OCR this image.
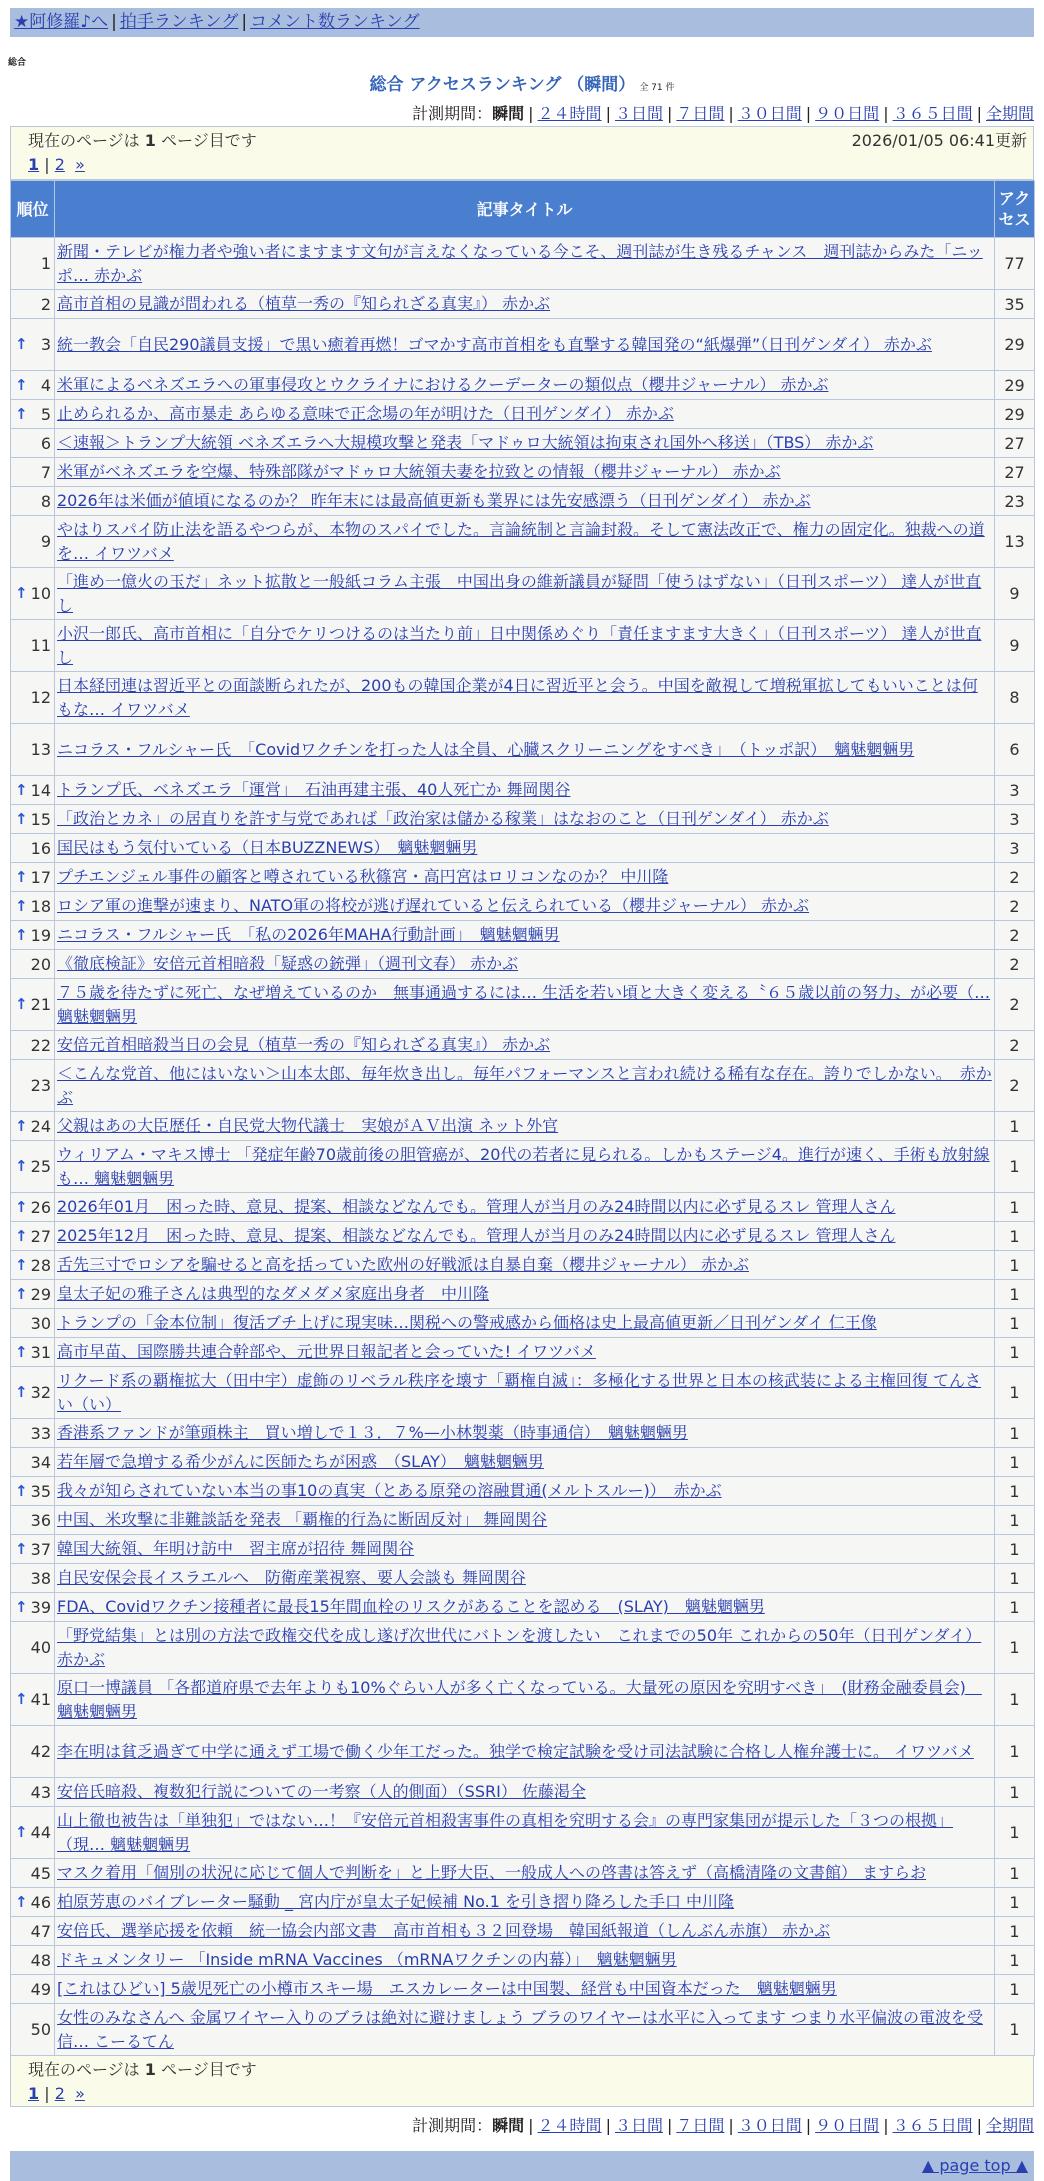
★阿修羅♪へ | 拍手ランキング | コメント数ランキング
総合
総合 アクセスランキング （瞬間） 全 71 件
計測期間：瞬間 | ２４時間 | ３日間 | ７日間 | ３０日間 | ９０日間 | ３６５日間 | 全期間
現在のページは 1 ページ目です	2026/01/05 06:41更新
1 | 2 »
順位	記事タイトル	アクセス
1	新聞・テレビが権力者や強い者にますます文句が言えなくなっている今こそ、週刊誌が生き残るチャンス　週刊誌からみた「ニッポ… 赤かぶ	77
2	高市首相の見識が問われる（植草一秀の『知られざる真実』） 赤かぶ	35

↑ 3	統一教会「自民290議員支援」で黒い癒着再燃！ゴマかす高市首相をも直撃する韓国発の“紙爆弾”（日刊ゲンダイ） 赤かぶ	29

↑ 4	米軍によるベネズエラへの軍事侵攻とウクライナにおけるクーデーターの類似点（櫻井ジャーナル） 赤かぶ	29

↑ 5	止められるか、高市暴走 あらゆる意味で正念場の年が明けた（日刊ゲンダイ） 赤かぶ	29
6	＜速報＞トランプ大統領 ベネズエラへ大規模攻撃と発表「マドゥロ大統領は拘束され国外へ移送」（TBS） 赤かぶ	27
7	米軍がベネズエラを空爆、特殊部隊がマドゥロ大統領夫妻を拉致との情報（櫻井ジャーナル） 赤かぶ	27
8	2026年は米価が値頃になるのか？ 昨年末には最高値更新も業界には先安感漂う（日刊ゲンダイ） 赤かぶ	23
9	やはりスパイ防止法を語るやつらが、本物のスパイでした。言論統制と言論封殺。そして憲法改正で、権力の固定化。独裁への道を… イワツバメ	13

↑ 10	「進め一億火の玉だ」ネット拡散と一般紙コラム主張　中国出身の維新議員が疑問「使うはずない」（日刊スポーツ） 達人が世直し	9
11	小沢一郎氏、高市首相に「自分でケリつけるのは当たり前」日中関係めぐり「責任ますます大きく」（日刊スポーツ） 達人が世直し	9
12	日本経団連は習近平との面談断られたが、200もの韓国企業が4日に習近平と会う。中国を敵視して増税軍拡してもいいことは何もな… イワツバメ	8
13	ニコラス・フルシャー氏　「Covidワクチンを打った人は全員、心臓スクリーニングをすべき」　（トッポ訳）　魑魅魍魎男	6

↑ 14	トランプ氏、ベネズエラ「運営」　石油再建主張、40人死亡か 舞岡関谷	3

↑ 15	「政治とカネ」の居直りを許す与党であれば「政治家は儲かる稼業」はなおのこと（日刊ゲンダイ） 赤かぶ	3
16	国民はもう気付いている（日本BUZZNEWS）　魑魅魍魎男	3

↑ 17	プチエンジェル事件の顧客と噂されている秋篠宮・高円宮はロリコンなのか？ 中川隆	2

↑ 18	ロシア軍の進撃が速まり、NATO軍の将校が逃げ遅れていると伝えられている（櫻井ジャーナル） 赤かぶ	2

↑ 19	ニコラス・フルシャー氏　「私の2026年MAHA行動計画」　魑魅魍魎男	2
20	《徹底検証》安倍元首相暗殺「疑惑の銃弾」（週刊文春） 赤かぶ	2

↑ 21	７５歳を待たずに死亡、なぜ増えているのか　無事通過するには… 生活を若い頃と大きく変える〝６５歳以前の努力〟が必要（… 魑魅魍魎男	2
22	安倍元首相暗殺当日の会見（植草一秀の『知られざる真実』） 赤かぶ	2
23	＜こんな党首、他にはいない＞山本太郎、毎年炊き出し。毎年パフォーマンスと言われ続ける稀有な存在。誇りでしかない。　赤かぶ	2

↑ 24	父親はあの大臣歴任・自民党大物代議士　実娘がＡＶ出演 ネット外官	1

↑ 25	ウィリアム・マキス博士 「発症年齢70歳前後の胆管癌が、20代の若者に見られる。しかもステージ4。進行が速く、手術も放射線も… 魑魅魍魎男	1

↑ 26	2026年01月　困った時、意見、提案、相談などなんでも。管理人が当月のみ24時間以内に必ず見るスレ 管理人さん	1

↑ 27	2025年12月　困った時、意見、提案、相談などなんでも。管理人が当月のみ24時間以内に必ず見るスレ 管理人さん	1

↑ 28	舌先三寸でロシアを騙せると高を括っていた欧州の好戦派は自暴自棄（櫻井ジャーナル） 赤かぶ	1

↑ 29	皇太子妃の雅子さんは典型的なダメダメ家庭出身者　中川隆	1
30	トランプの「金本位制」復活ブチ上げに現実味…関税への警戒感から価格は史上最高値更新／日刊ゲンダイ 仁王像	1

↑ 31	高市早苗、国際勝共連合幹部や、元世界日報記者と会っていた! イワツバメ	1

↑ 32	リクード系の覇権拡大（田中宇）虚飾のリベラル秩序を壊す「覇権自滅」：多極化する世界と日本の核武装による主権回復 てんさい（い）	1
33	香港系ファンドが筆頭株主　買い増しで１３．７%—小林製薬（時事通信）　魑魅魍魎男	1
34	若年層で急増する希少がんに医師たちが困惑　（SLAY）　魑魅魍魎男	1

↑ 35	我々が知らされていない本当の事10の真実（とある原発の溶融貫通(メルトスルー)）　赤かぶ	1
36	中国、米攻撃に非難談話を発表 「覇権的行為に断固反対」 舞岡関谷	1

↑ 37	韓国大統領、年明け訪中　習主席が招待 舞岡関谷	1
38	自民安保会長イスラエルへ　防衛産業視察、要人会談も 舞岡関谷	1

↑ 39	FDA、Covidワクチン接種者に最長15年間血栓のリスクがあることを認める　(SLAY)　魑魅魍魎男	1
40	「野党結集」とは別の方法で政権交代を成し遂げ次世代にバトンを渡したい　これまでの50年 これからの50年（日刊ゲンダイ） 赤かぶ	1

↑ 41	原口一博議員 「各都道府県で去年よりも10%ぐらい人が多く亡くなっている。大量死の原因を究明すべき」　(財務金融委員会)　魑魅魍魎男	1
42	李在明は貧乏過ぎて中学に通えず工場で働く少年工だった。独学で検定試験を受け司法試験に合格し人権弁護士に。 イワツバメ	1
43	安倍氏暗殺、複数犯行説についての一考察（人的側面）（SSRI） 佐藤渇全	1

↑ 44	山上徹也被告は「単独犯」ではない…！『安倍元首相殺害事件の真相を究明する会』の専門家集団が提示した「３つの根拠」（現… 魑魅魍魎男	1
45	マスク着用「個別の状況に応じて個人で判断を」と上野大臣、一般成人への啓書は答えず（高橋清隆の文書館） ますらお	1

↑ 46	柏原芳恵のバイブレーター騒動 _ 宮内庁が皇太子妃候補 No.1 を引き摺り降ろした手口 中川隆	1
47	安倍氏、選挙応援を依頼　統一協会内部文書　高市首相も３２回登場　韓国紙報道（しんぶん赤旗） 赤かぶ	1
48	ドキュメンタリー 「Inside mRNA Vaccines （mRNAワクチンの内幕）」　魑魅魍魎男	1
49	[これはひどい] 5歳児死亡の小樽市スキー場　エスカレーターは中国製、経営も中国資本だった　魑魅魍魎男	1
50	女性のみなさんへ 金属ワイヤー入りのブラは絶対に避けましょう ブラのワイヤーは水平に入ってます つまり水平偏波の電波を受信… こーるてん	1
現在のページは 1 ページ目です
1 | 2 »
計測期間：瞬間 | ２４時間 | ３日間 | ７日間 | ３０日間 | ９０日間 | ３６５日間 | 全期間
▲ page top ▲
